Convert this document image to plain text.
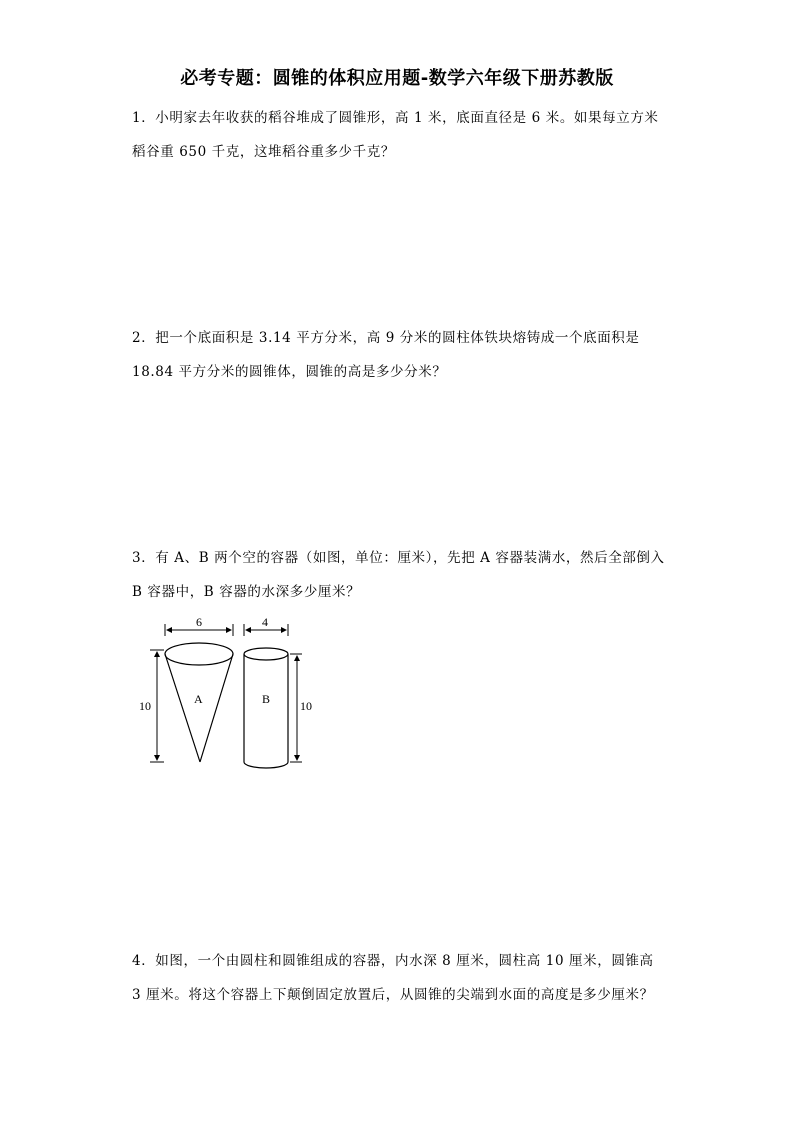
必考专题：圆锥的体积应用题-数学六年级下册苏教版

1．小明家去年收获的稻谷堆成了圆锥形，高 1 米，底面直径是 6 米。如果每立方米稻谷重 650 千克，这堆稻谷重多少千克？

2．把一个底面积是 3.14 平方分米，高 9 分米的圆柱体铁块熔铸成一个底面积是 18.84 平方分米的圆锥体，圆锥的高是多少分米？

3．有 A、B 两个空的容器（如图，单位：厘米），先把 A 容器装满水，然后全部倒入 B 容器中，B 容器的水深多少厘米？

A	B
6	4
10	10

4．如图，一个由圆柱和圆锥组成的容器，内水深 8 厘米，圆柱高 10 厘米，圆锥高 3 厘米。将这个容器上下颠倒固定放置后，从圆锥的尖端到水面的高度是多少厘米？
